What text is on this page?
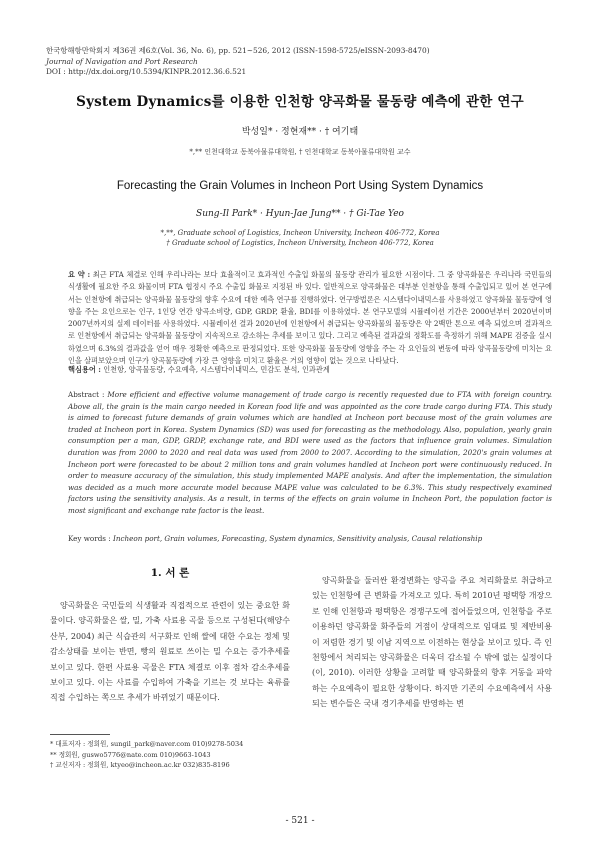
한국항해항만학회지 제36권 제6호(Vol. 36, No. 6), pp. 521~526, 2012 (ISSN-1598-5725/eISSN-2093-8470)
Journal of Navigation and Port Research
DOI : http://dx.doi.org/10.5394/KINPR.2012.36.6.521
System Dynamics를 이용한 인천항 양곡화물 물동량 예측에 관한 연구
박성일* · 정현재** · † 여기태
*,** 인천대학교 동북아물류대학원, † 인천대학교 동북아물류대학원 교수
Forecasting the Grain Volumes in Incheon Port Using System Dynamics
Sung-Il Park* · Hyun-Jae Jung** · † Gi-Tae Yeo
*,**, Graduate school of Logistics, Incheon University, Incheon 406-772, Korea
† Graduate school of Logistics, Incheon University, Incheon 406-772, Korea
요 약 : 최근 FTA 체결로 인해 우리나라는 보다 효율적이고 효과적인 수출입 화물의 물동량 관리가 필요한 시점이다. 그 중 양곡화물은 우리나라 국민들의 식생활에 필요한 주요 화물이며 FTA 협정시 주요 수출입 화물로 지정된 바 있다. 일반적으로 양곡화물은 대부분 인천항을 통해 수출입되고 있어 본 연구에서는 인천항에 취급되는 양곡화물 물동량의 향후 수요에 대한 예측 연구를 진행하였다. 연구방법론은 시스템다이내믹스를 사용하였고 양곡화물 물동량에 영향을 주는 요인으로는 인구, 1인당 연간 양곡소비량, GDP, GRDP, 환율, BDI를 이용하였다. 본 연구모델의 시뮬레이션 기간은 2000년부터 2020년이며 2007년까지의 실제 데이터를 사용하였다. 시뮬레이션 결과 2020년에 인천항에서 취급되는 양곡화물의 물동량은 약 2백만 톤으로 예측 되었으며 결과적으로 인천항에서 취급되는 양곡화물 물동량이 지속적으로 감소하는 추세를 보이고 있다. 그리고 예측된 결과값의 정확도를 측정하기 위해 MAPE 검증을 실시하였으며 6.3%의 결과값을 얻어 매우 정확한 예측으로 판정되었다. 또한 양곡화물 물동량에 영향을 주는 각 요인들의 변동에 따라 양곡물동량에 미치는 요인을 살펴보았으며 인구가 양곡물동량에 가장 큰 영향을 미치고 환율은 거의 영향이 없는 것으로 나타났다.
핵심용어 : 인천항, 양곡물동량, 수요예측, 시스템다이내믹스, 민감도 분석, 인과관계
Abstract : More efficient and effective volume management of trade cargo is recently requested due to FTA with foreign country. Above all, the grain is the main cargo needed in Korean food life and was appointed as the core trade cargo during FTA. This study is aimed to forecast future demands of grain volumes which are handled at Incheon port because most of the grain volumes are traded at Incheon port in Korea. System Dynamics (SD) was used for forecasting as the methodology. Also, population, yearly grain consumption per a man, GDP, GRDP, exchange rate, and BDI were used as the factors that influence grain volumes. Simulation duration was from 2000 to 2020 and real data was used from 2000 to 2007. According to the simulation, 2020's grain volumes at Incheon port were forecasted to be about 2 million tons and grain volumes handled at Incheon port were continuously reduced. In order to measure accuracy of the simulation, this study implemented MAPE analysis. And after the implementation, the simulation was decided as a much more accurate model because MAPE value was calculated to be 6.3%. This study respectively examined factors using the sensitivity analysis. As a result, in terms of the effects on grain volume in Incheon Port, the population factor is most significant and exchange rate factor is the least.
Key words : Incheon port, Grain volumes, Forecasting, System dynamics, Sensitivity analysis, Causal relationship
1. 서 론
양곡화물은 국민들의 식생활과 직접적으로 관련이 있는 중요한 화물이다. 양곡화물은 쌀, 밀, 가축 사료용 곡물 등으로 구성된다(해양수산부, 2004) 최근 식습관의 서구화로 인해 쌀에 대한 수요는 정체 및 감소상태를 보이는 반면, 빵의 원료로 쓰이는 밀 수요는 증가추세를 보이고 있다. 한편 사료용 곡물은 FTA 체결로 이후 점차 감소추세를 보이고 있다. 이는 사료를 수입하여 가축을 기르는 것 보다는 육류를 직접 수입하는 쪽으로 추세가 바뀌었기 때문이다.
양곡화물을 둘러싼 환경변화는 양곡을 주요 처리화물로 취급하고 있는 인천항에 큰 변화를 가져오고 있다. 특히 2010년 평택항 개장으로 인해 인천항과 평택항은 경쟁구도에 접어들었으며, 인천항을 주로 이용하던 양곡화물 화주들의 거점이 상대적으로 임대료 및 제반비용이 저렴한 경기 및 이남 지역으로 이전하는 현상을 보이고 있다. 즉 인천항에서 처리되는 양곡화물은 더욱더 감소될 수 밖에 없는 실정이다(이, 2010). 이러한 상황을 고려할 때 양곡화물의 향후 거동을 파악하는 수요예측이 필요한 상황이다. 하지만 기존의 수요예측에서 사용되는 변수들은 국내 경기추세를 반영하는 변
* 대표저자 : 정회원, sungil_park@naver.com 010)9278-5034
** 정회원, guswo5776@nate.com 010)9663-1043
† 교신저자 : 정회원, ktyeo@incheon.ac.kr 032)835-8196
- 521 -
